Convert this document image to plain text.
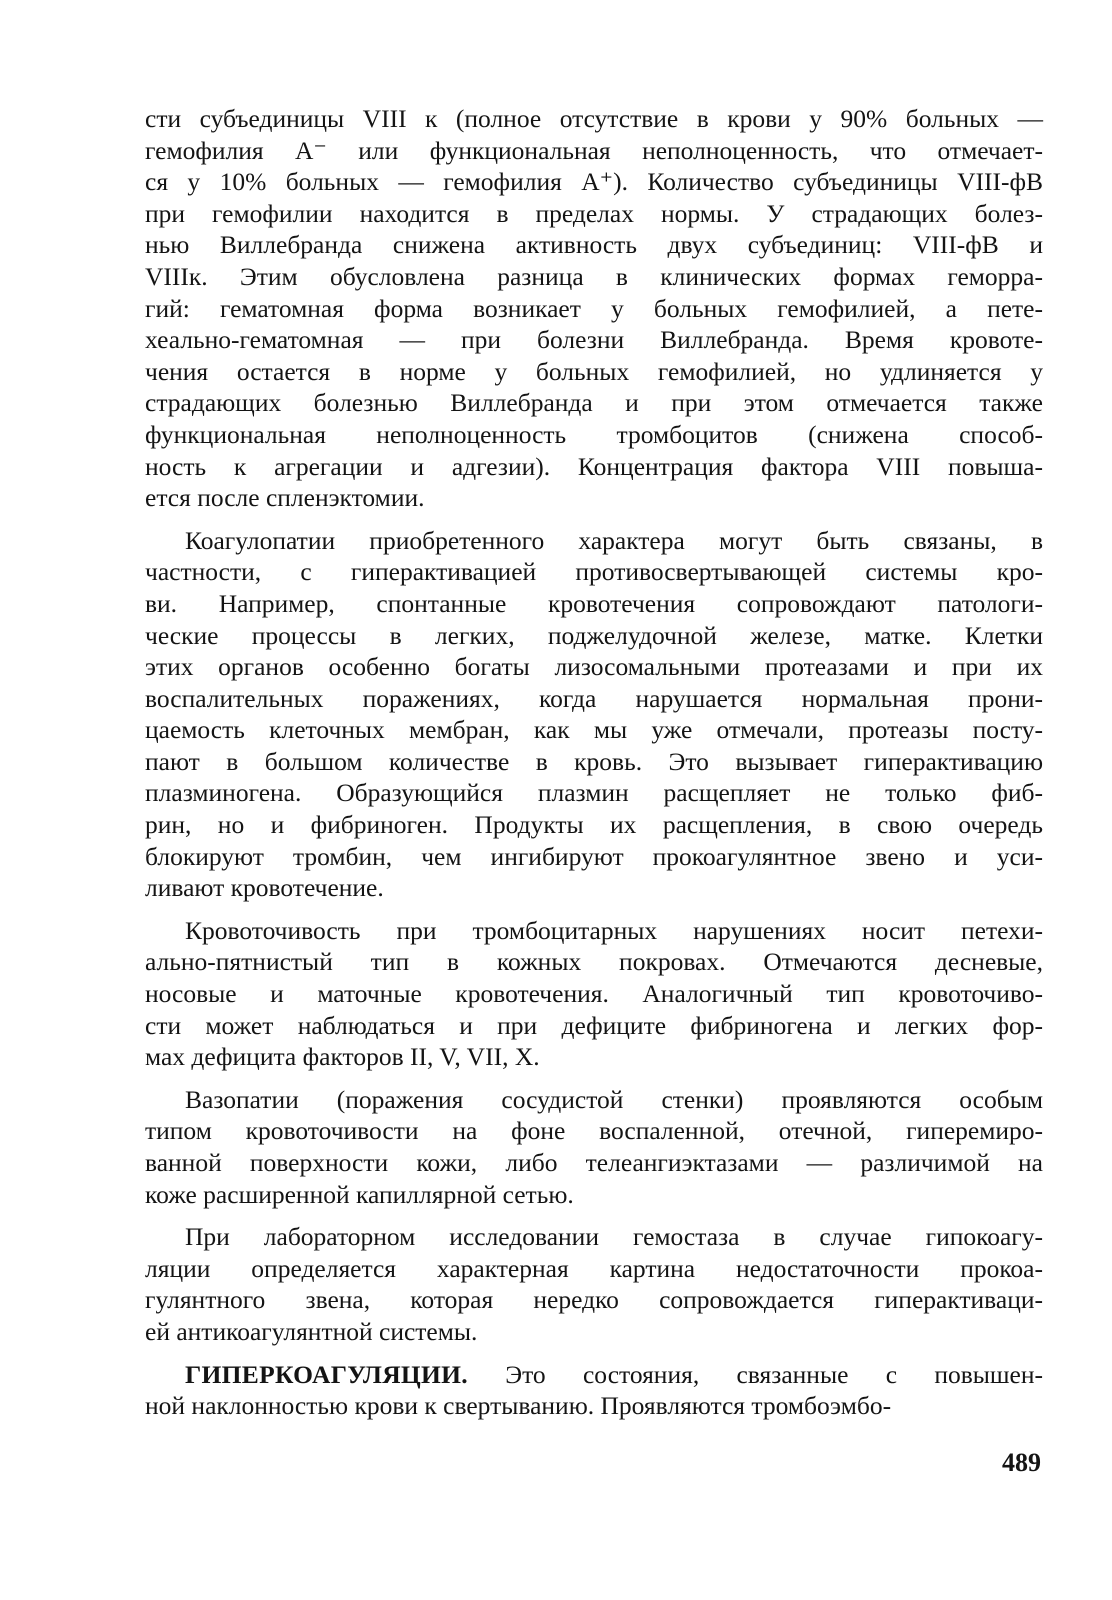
сти субъединицы VIII к (полное отсутствие в крови у 90% больных —
гемофилия A⁻ или функциональная неполноценность, что отмечает-
ся у 10% больных — гемофилия A⁺). Количество субъединицы VIII-фВ
при гемофилии находится в пределах нормы. У страдающих болез-
нью Виллебранда снижена активность двух субъединиц: VIII-фВ и
VIIIк. Этим обусловлена разница в клинических формах геморра-
гий: гематомная форма возникает у больных гемофилией, а пете-
хеально-гематомная — при болезни Виллебранда. Время кровоте-
чения остается в норме у больных гемофилией, но удлиняется у
страдающих болезнью Виллебранда и при этом отмечается также
функциональная неполноценность тромбоцитов (снижена способ-
ность к агрегации и адгезии). Концентрация фактора VIII повыша-
ется после спленэктомии.
Коагулопатии приобретенного характера могут быть связаны, в
частности, с гиперактивацией противосвертывающей системы кро-
ви. Например, спонтанные кровотечения сопровождают патологи-
ческие процессы в легких, поджелудочной железе, матке. Клетки
этих органов особенно богаты лизосомальными протеазами и при их
воспалительных поражениях, когда нарушается нормальная прони-
цаемость клеточных мембран, как мы уже отмечали, протеазы посту-
пают в большом количестве в кровь. Это вызывает гиперактивацию
плазминогена. Образующийся плазмин расщепляет не только фиб-
рин, но и фибриноген. Продукты их расщепления, в свою очередь
блокируют тромбин, чем ингибируют прокоагулянтное звено и уси-
ливают кровотечение.
Кровоточивость при тромбоцитарных нарушениях носит петехи-
ально-пятнистый тип в кожных покровах. Отмечаются десневые,
носовые и маточные кровотечения. Аналогичный тип кровоточиво-
сти может наблюдаться и при дефиците фибриногена и легких фор-
мах дефицита факторов II, V, VII, X.
Вазопатии (поражения сосудистой стенки) проявляются особым
типом кровоточивости на фоне воспаленной, отечной, гиперемиро-
ванной поверхности кожи, либо телеангиэктазами — различимой на
коже расширенной капиллярной сетью.
При лабораторном исследовании гемостаза в случае гипокоагу-
ляции определяется характерная картина недостаточности прокоа-
гулянтного звена, которая нередко сопровождается гиперактиваци-
ей антикоагулянтной системы.
ГИПЕРКОАГУЛЯЦИИ. Это состояния, связанные с повышен-
ной наклонностью крови к свертыванию. Проявляются тромбоэмбо-
489
